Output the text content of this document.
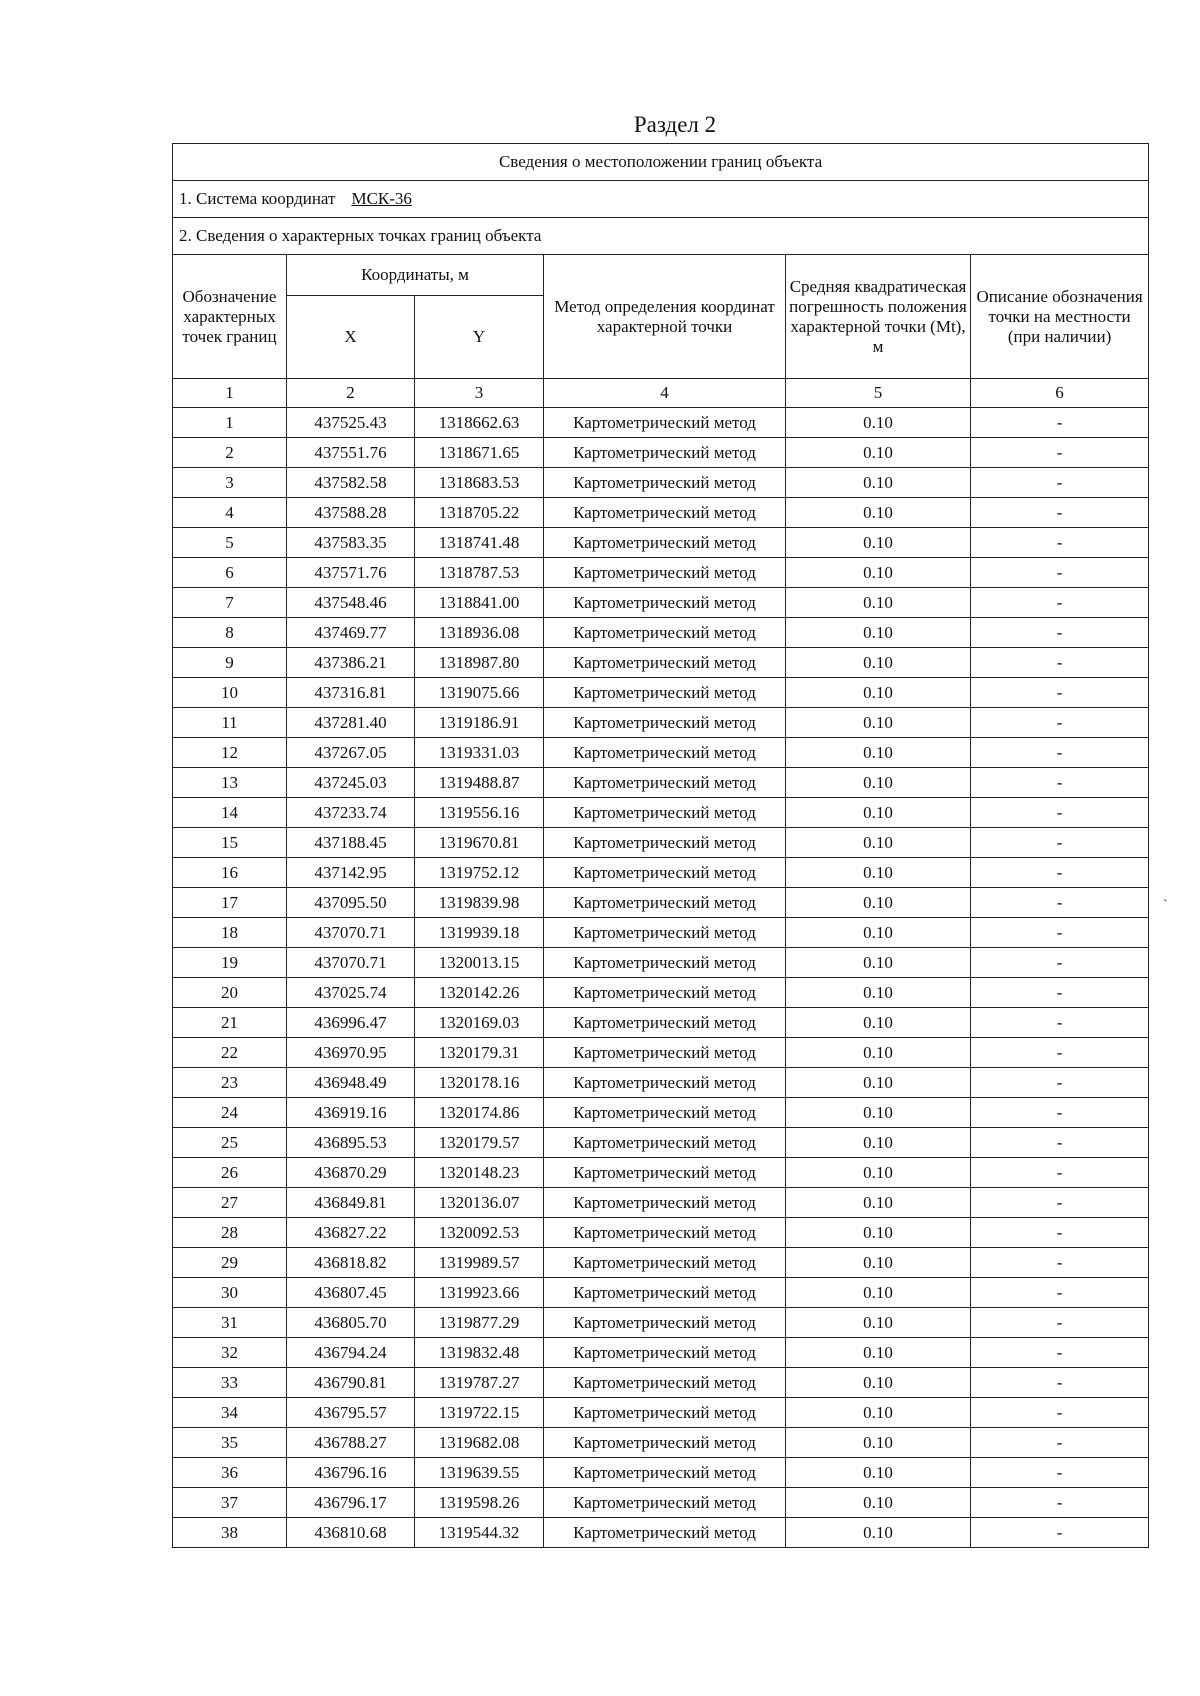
Раздел 2
Сведения о местоположении границ объекта					
1. Система координат МСК-36					
2. Сведения о характерных точках границ объекта					
Обозначение характерных точек границ	Координаты, м		Метод определения координат характерной точки	Средняя квадратическая погрешность положения характерной точки (Mt), м	Описание обозначения точки на местности (при наличии)
	X	Y			
1	2	3	4	5	6
1	437525.43	1318662.63	Картометрический метод	0.10	-
2	437551.76	1318671.65	Картометрический метод	0.10	-
3	437582.58	1318683.53	Картометрический метод	0.10	-
4	437588.28	1318705.22	Картометрический метод	0.10	-
5	437583.35	1318741.48	Картометрический метод	0.10	-
6	437571.76	1318787.53	Картометрический метод	0.10	-
7	437548.46	1318841.00	Картометрический метод	0.10	-
8	437469.77	1318936.08	Картометрический метод	0.10	-
9	437386.21	1318987.80	Картометрический метод	0.10	-
10	437316.81	1319075.66	Картометрический метод	0.10	-
11	437281.40	1319186.91	Картометрический метод	0.10	-
12	437267.05	1319331.03	Картометрический метод	0.10	-
13	437245.03	1319488.87	Картометрический метод	0.10	-
14	437233.74	1319556.16	Картометрический метод	0.10	-
15	437188.45	1319670.81	Картометрический метод	0.10	-
16	437142.95	1319752.12	Картометрический метод	0.10	-
17	437095.50	1319839.98	Картометрический метод	0.10	-
18	437070.71	1319939.18	Картометрический метод	0.10	-
19	437070.71	1320013.15	Картометрический метод	0.10	-
20	437025.74	1320142.26	Картометрический метод	0.10	-
21	436996.47	1320169.03	Картометрический метод	0.10	-
22	436970.95	1320179.31	Картометрический метод	0.10	-
23	436948.49	1320178.16	Картометрический метод	0.10	-
24	436919.16	1320174.86	Картометрический метод	0.10	-
25	436895.53	1320179.57	Картометрический метод	0.10	-
26	436870.29	1320148.23	Картометрический метод	0.10	-
27	436849.81	1320136.07	Картометрический метод	0.10	-
28	436827.22	1320092.53	Картометрический метод	0.10	-
29	436818.82	1319989.57	Картометрический метод	0.10	-
30	436807.45	1319923.66	Картометрический метод	0.10	-
31	436805.70	1319877.29	Картометрический метод	0.10	-
32	436794.24	1319832.48	Картометрический метод	0.10	-
33	436790.81	1319787.27	Картометрический метод	0.10	-
34	436795.57	1319722.15	Картометрический метод	0.10	-
35	436788.27	1319682.08	Картометрический метод	0.10	-
36	436796.16	1319639.55	Картометрический метод	0.10	-
37	436796.17	1319598.26	Картометрический метод	0.10	-
38	436810.68	1319544.32	Картометрический метод	0.10	-
`
